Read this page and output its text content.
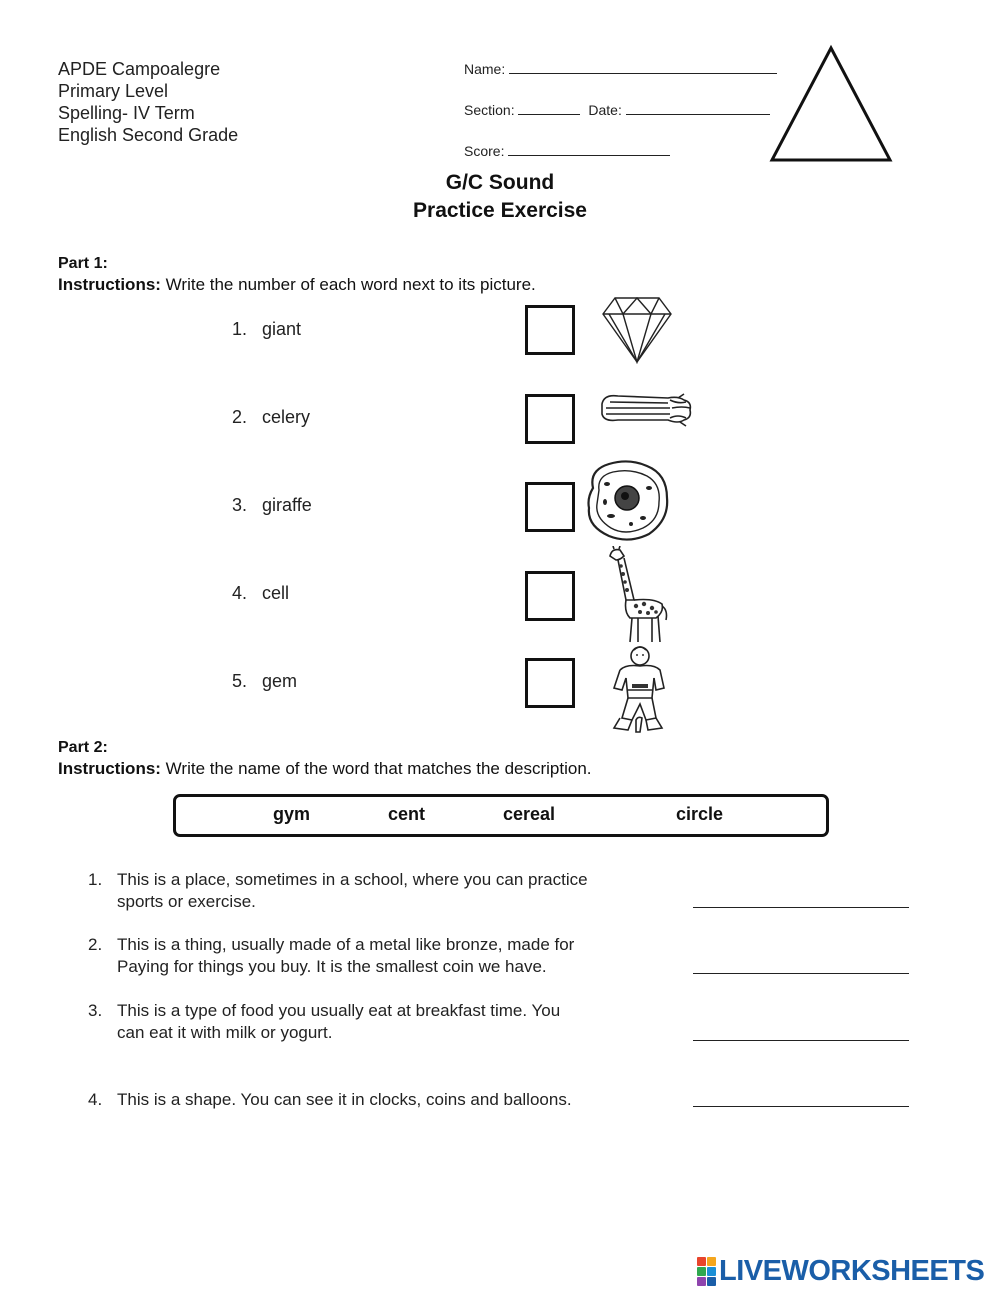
APDE Campoalegre
Primary Level
Spelling- IV Term
English Second Grade
Name:
Section:	Date:
Score:
G/C Sound
Practice Exercise
Part 1:
Instructions: Write the number of each word next to its picture.
1. giant
2. celery
3. giraffe
4. cell
5. gem
Part 2:
Instructions: Write the name of the word that matches the description.
gym	cent	cereal	circle
1. This is a place, sometimes in a school, where you can practice
sports or exercise.
2. This is a thing, usually made of a metal like bronze, made for
Paying for things you buy. It is the smallest coin we have.
3. This is a type of food you usually eat at breakfast time. You
can eat it with milk or yogurt.
4. This is a shape. You can see it in clocks, coins and balloons.
LIVEWORKSHEETS
